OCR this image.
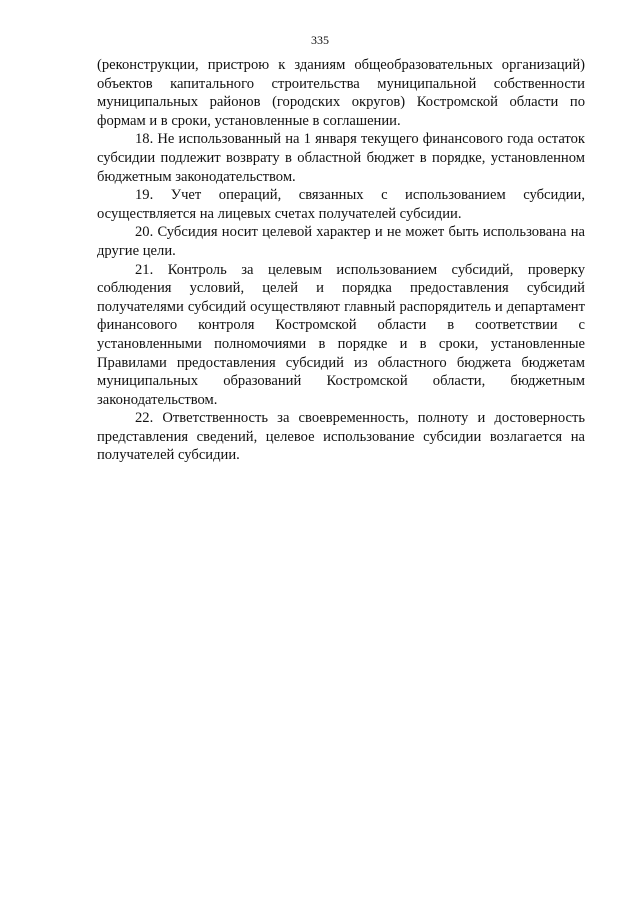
335

(реконструкции, пристрою к зданиям общеобразовательных организаций) объектов капитального строительства муниципальной собственности муниципальных районов (городских округов) Костромской области по формам и в сроки, установленные в соглашении.

18. Не использованный на 1 января текущего финансового года остаток субсидии подлежит возврату в областной бюджет в порядке, установленном бюджетным законодательством.

19. Учет операций, связанных с использованием субсидии, осуществляется на лицевых счетах получателей субсидии.

20. Субсидия носит целевой характер и не может быть использована на другие цели.

21. Контроль за целевым использованием субсидий, проверку соблюдения условий, целей и порядка предоставления субсидий получателями субсидий осуществляют главный распорядитель и департамент финансового контроля Костромской области в соответствии с установленными полномочиями в порядке и в сроки, установленные Правилами предоставления субсидий из областного бюджета бюджетам муниципальных образований Костромской области, бюджетным законодательством.

22. Ответственность за своевременность, полноту и достоверность представления сведений, целевое использование субсидии возлагается на получателей субсидии.
